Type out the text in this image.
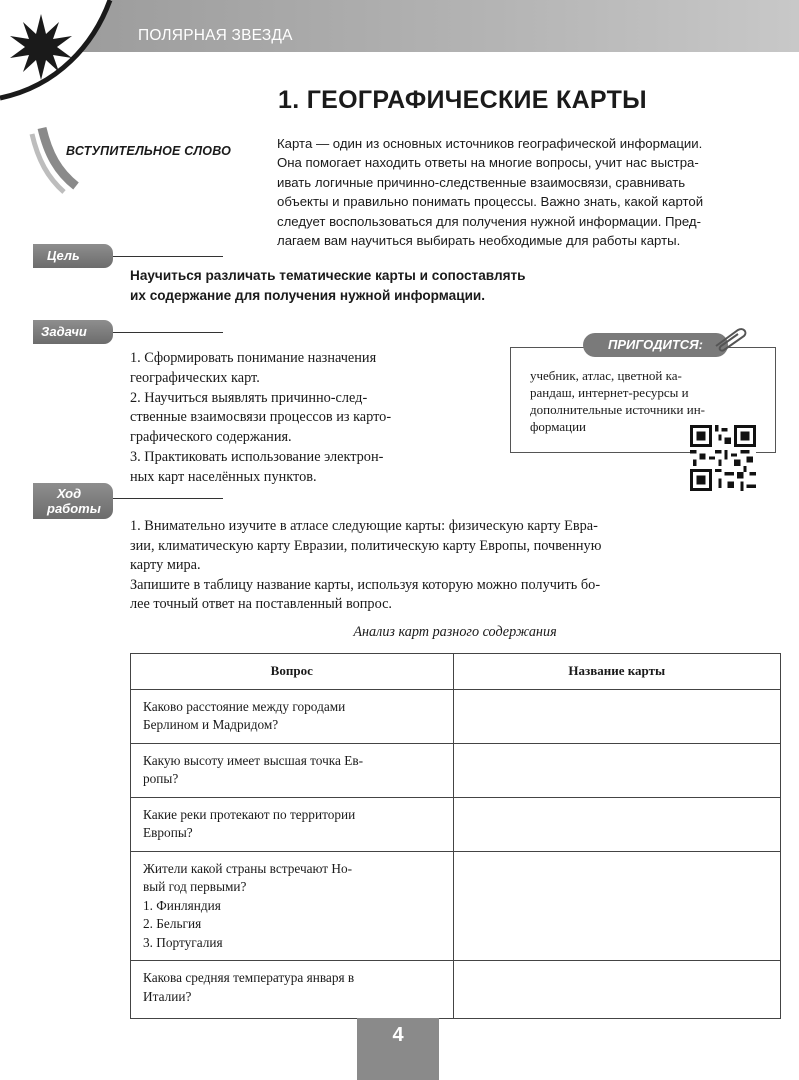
ПОЛЯРНАЯ ЗВЕЗДА
1. ГЕОГРАФИЧЕСКИЕ КАРТЫ
ВСТУПИТЕЛЬНОЕ СЛОВО	Карта — один из основных источников географической информации.
Она помогает находить ответы на многие вопросы, учит нас выстра-
ивать логичные причинно-следственные взаимосвязи, сравнивать
объекты и правильно понимать процессы. Важно знать, какой картой
следует воспользоваться для получения нужной информации. Пред-
лагаем вам научиться выбирать необходимые для работы карты.
Цель
Научиться различать тематические карты и сопоставлять
их содержание для получения нужной информации.
Задачи
1. Сформировать понимание назначения
географических карт.
2. Научиться выявлять причинно-след-
ственные взаимосвязи процессов из карто-
графического содержания.
3. Практиковать использование электрон-
ных карт населённых пунктов.
ПРИГОДИТСЯ:
учебник, атлас, цветной ка-
рандаш, интернет-ресурсы и
дополнительные источники ин-
формации
Ход
работы
1. Внимательно изучите в атласе следующие карты: физическую карту Евра-
зии, климатическую карту Евразии, политическую карту Европы, почвенную
карту мира.
Запишите в таблицу название карты, используя которую можно получить бо-
лее точный ответ на поставленный вопрос.
Анализ карт разного содержания
Вопрос	Название карты

Каково расстояние между городами
Берлином и Мадридом?	

Какую высоту имеет высшая точка Ев-
ропы?	

Какие реки протекают по территории
Европы?	

Жители какой страны встречают Но-
вый год первыми?
1. Финляндия
2. Бельгия
3. Португалия	

Какова средняя температура января в
Италии?	

4
